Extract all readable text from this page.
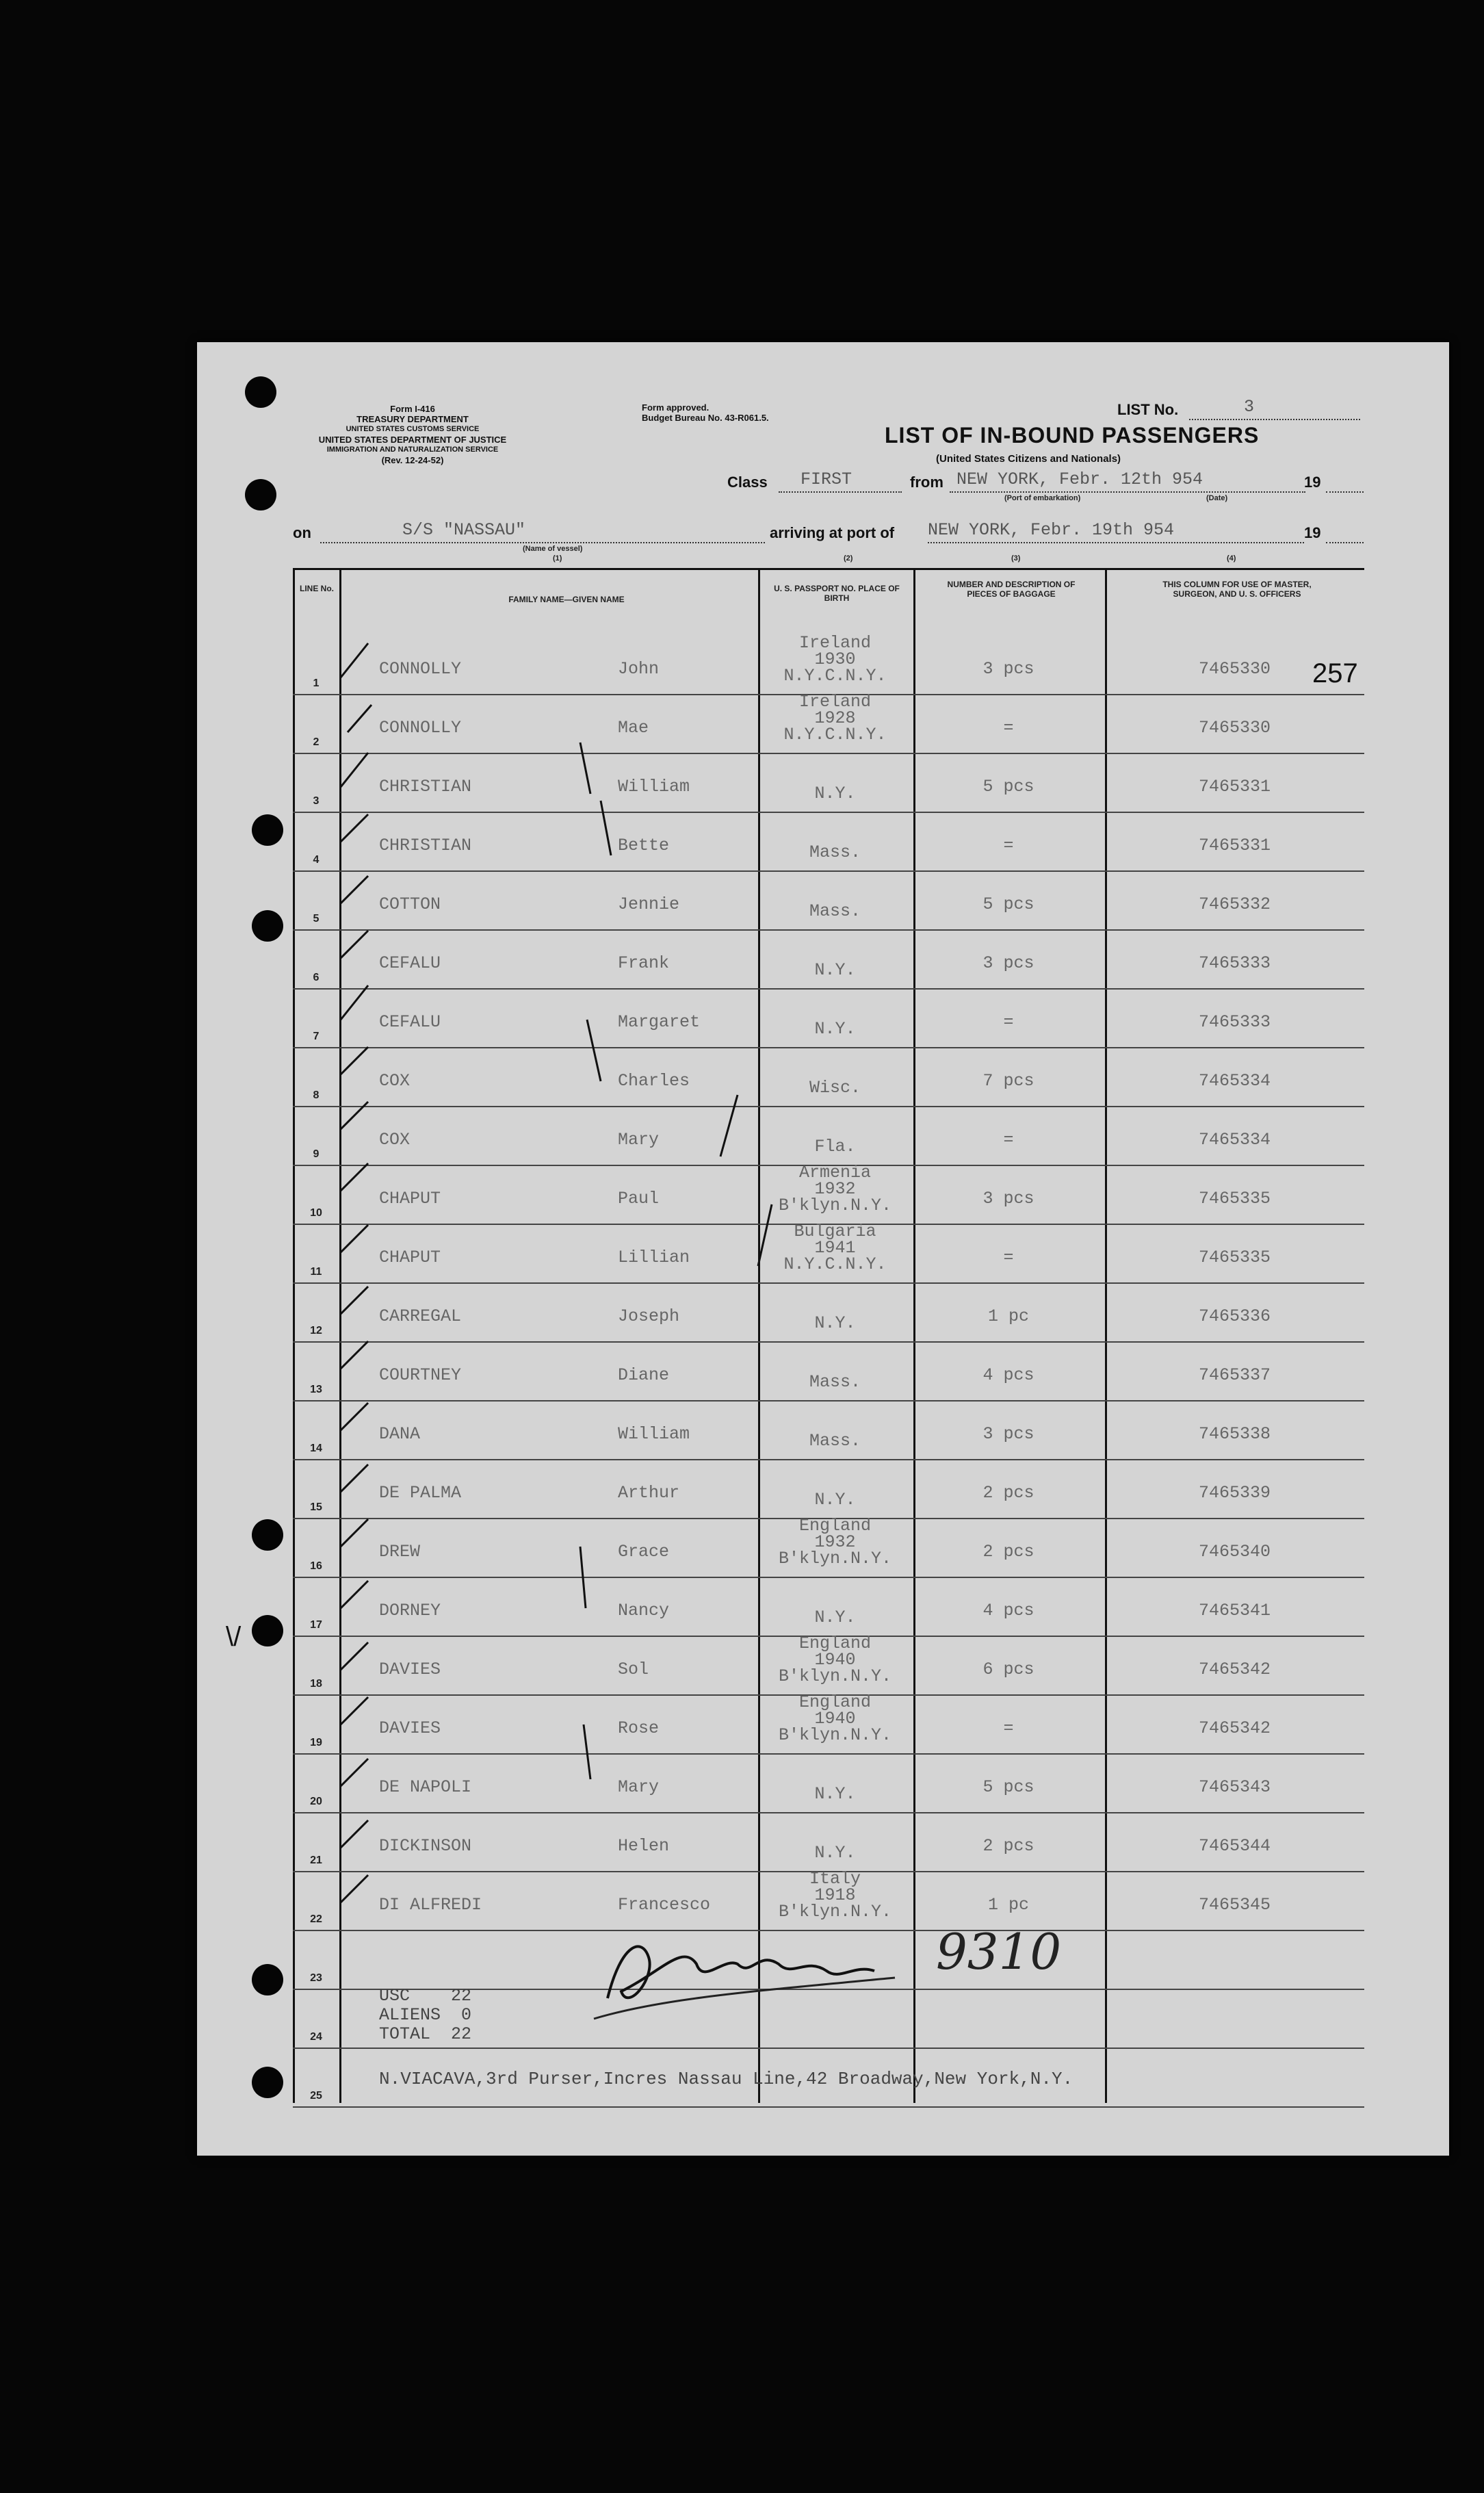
Form I-416
TREASURY DEPARTMENT
UNITED STATES CUSTOMS SERVICE
UNITED STATES DEPARTMENT OF JUSTICE
IMMIGRATION AND NATURALIZATION SERVICE
(Rev. 12-24-52)
Form approved.
Budget Bureau No. 43-R061.5.	LIST No.	3
LIST OF IN-BOUND PASSENGERS
(United States Citizens and Nationals)
Class FIRST	from NEW YORK, Febr. 12th 954	19
(Port of embarkation)	(Date)
on	S/S "NASSAU"
(Name of vessel)
arriving at port of NEW YORK, Febr. 19th 954	19
(1)	(2)	(3)	(4)
LINE No.
FAMILY NAME—GIVEN NAME
U. S. PASSPORT NO. PLACE OF BIRTH
NUMBER AND DESCRIPTION OF PIECES OF BAGGAGE
THIS COLUMN FOR USE OF MASTER, SURGEON, AND U. S. OFFICERS
1
CONNOLLY	John
Ireland
1930
N.Y.C.N.Y.	3 pcs	7465330
2
CONNOLLY	Mae
Ireland
1928
N.Y.C.N.Y.	=	7465330
3
CHRISTIAN	William	N.Y.	5 pcs	7465331
4
CHRISTIAN	Bette	Mass.	=	7465331
5
COTTON	Jennie	Mass.	5 pcs	7465332
6
CEFALU	Frank	N.Y.	3 pcs	7465333
7
CEFALU	Margaret	N.Y.	=	7465333
8
COX	Charles	Wisc.	7 pcs	7465334
9
COX	Mary	Fla.	=	7465334
10
CHAPUT	Paul
Armenia
1932
B'klyn.N.Y.	3 pcs	7465335
11
CHAPUT	Lillian
Bulgaria
1941
N.Y.C.N.Y.	=	7465335
12
CARREGAL	Joseph	N.Y.	1 pc	7465336
13
COURTNEY	Diane	Mass.	4 pcs	7465337
14
DANA	William	Mass.	3 pcs	7465338
15
DE PALMA	Arthur	N.Y.	2 pcs	7465339
16
DREW	Grace
England
1932
B'klyn.N.Y.	2 pcs	7465340
17
DORNEY	Nancy	N.Y.	4 pcs	7465341
18
DAVIES	Sol
England
1940
B'klyn.N.Y.	6 pcs	7465342
19
DAVIES	Rose
England
1940
B'klyn.N.Y.	=	7465342
20
DE NAPOLI	Mary	N.Y.	5 pcs	7465343
21
DICKINSON	Helen	N.Y.	2 pcs	7465344
22
DI ALFREDI	Francesco
Italy
1918
B'klyn.N.Y.	1 pc	7465345
23
24
25
USC    22
ALIENS  0
TOTAL  22
N.VIACAVA,3rd Purser,Incres Nassau Line,42 Broadway,New York,N.Y.
257
9310
\/
